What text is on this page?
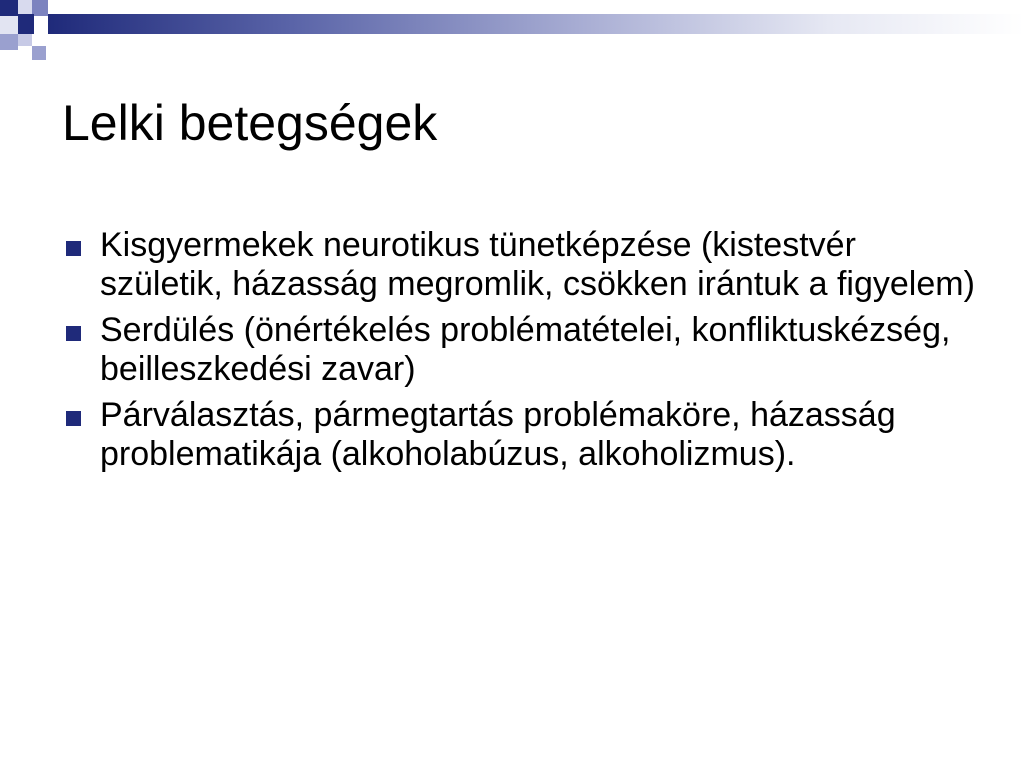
Lelki betegségek
Kisgyermekek neurotikus tünetképzése (kistestvér születik, házasság megromlik, csökken irántuk a figyelem)
Serdülés (önértékelés problématételei, konfliktuskézség, beilleszkedési zavar)
Párválasztás, pármegtartás problémaköre, házasság problematikája (alkoholabúzus, alkoholizmus).
